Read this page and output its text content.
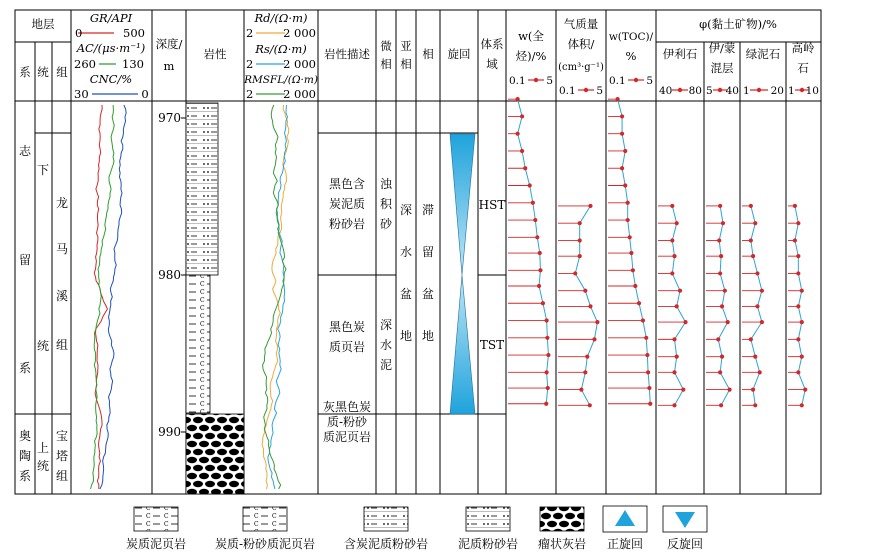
地层
系 统 组
GR/API
0	500
AC/(μs·m⁻¹)
260 130
CNC/%
30	0
深度/
m
岩性
Rd/(Ω·m)
2	2 000
Rs/(Ω·m)
2	2 000
RMSFL/(Ω·m)
2	2 000
岩性描述
微
相
亚
相
相 旋回
体系
域
w(全
烃)/%
0.1 5
气质量
体积/
(cm³·g⁻¹)
0.1 5
w(TOC)/
%
0.1 5
φ(黏土矿物)/%
伊利石
40 80
伊/蒙
混层
5 40
绿泥石
1 20
高岭
石
1 10
志
留
系
下
统
龙
马
溪
组
奥
陶
系
上
统
宝
塔
组
970
980
990
黑色含
炭泥质
粉砂岩
浊
积
砂
深
水
盆
地
滞
留
盆
地
HST
黑色炭
质页岩
深
水
泥
TST
灰黑色炭
质-粉砂
质泥页岩
炭质泥页岩 炭质-粉砂质泥页岩 含炭泥质粉砂岩 泥质粉砂岩 瘤状灰岩 正旋回 反旋回
